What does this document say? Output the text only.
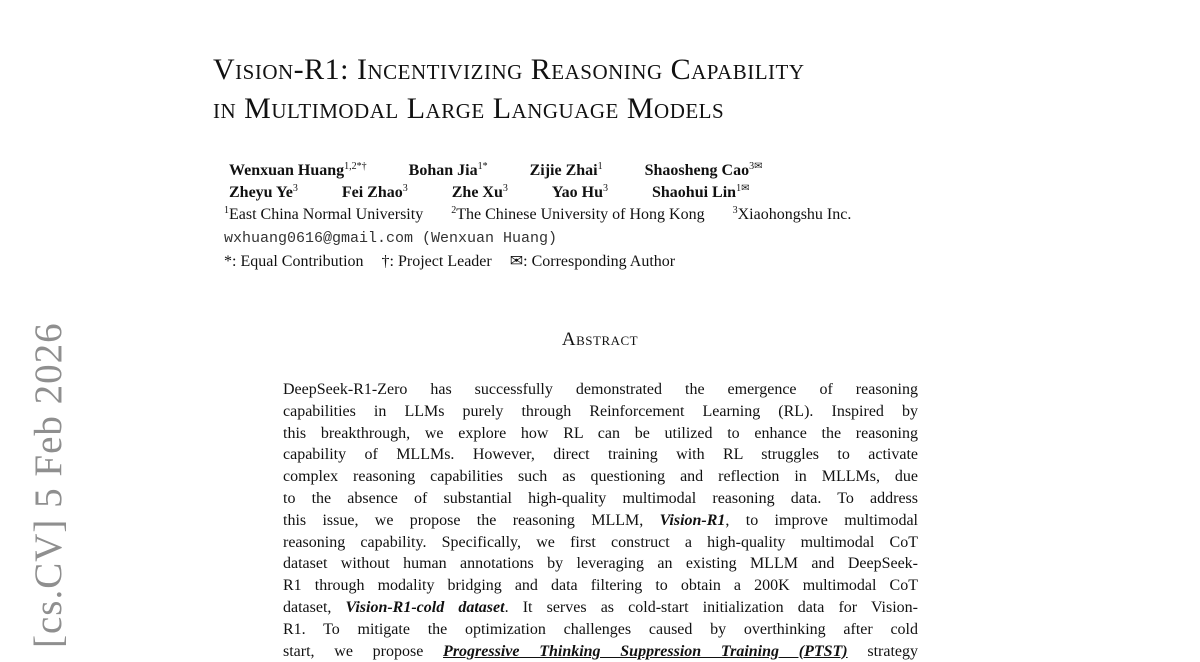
[cs.CV] 5 Feb 2026
Vision-R1: Incentivizing Reasoning Capability
in Multimodal Large Language Models
Wenxuan Huang$^{1,2*\dagger}$	Bohan Jia$^{1*}$	Zijie Zhai$^1$	Shaosheng Cao$^{3✉}$
Zheyu Ye$^3$	Fei Zhao$^3$	Zhe Xu$^3$	Yao Hu$^3$	Shaohui Lin$^{1✉}$
$^1$East China Normal University	$^2$The Chinese University of Hong Kong	$^3$Xiaohongshu Inc.
wxhuang0616@gmail.com (Wenxuan Huang)
*: Equal Contribution †: Project Leader ✉: Corresponding Author
Abstract
DeepSeek-R1-Zero has successfully demonstrated the emergence of reasoning
capabilities in LLMs purely through Reinforcement Learning (RL). Inspired by
this breakthrough, we explore how RL can be utilized to enhance the reasoning
capability of MLLMs. However, direct training with RL struggles to activate
complex reasoning capabilities such as questioning and reflection in MLLMs, due
to the absence of substantial high-quality multimodal reasoning data. To address
this issue, we propose the reasoning MLLM, Vision-R1, to improve multimodal
reasoning capability. Specifically, we first construct a high-quality multimodal CoT
dataset without human annotations by leveraging an existing MLLM and DeepSeek-
R1 through modality bridging and data filtering to obtain a 200K multimodal CoT
dataset, Vision-R1-cold dataset. It serves as cold-start initialization data for Vision-
R1. To mitigate the optimization challenges caused by overthinking after cold
start, we propose Progressive Thinking Suppression Training (PTST) strategy
